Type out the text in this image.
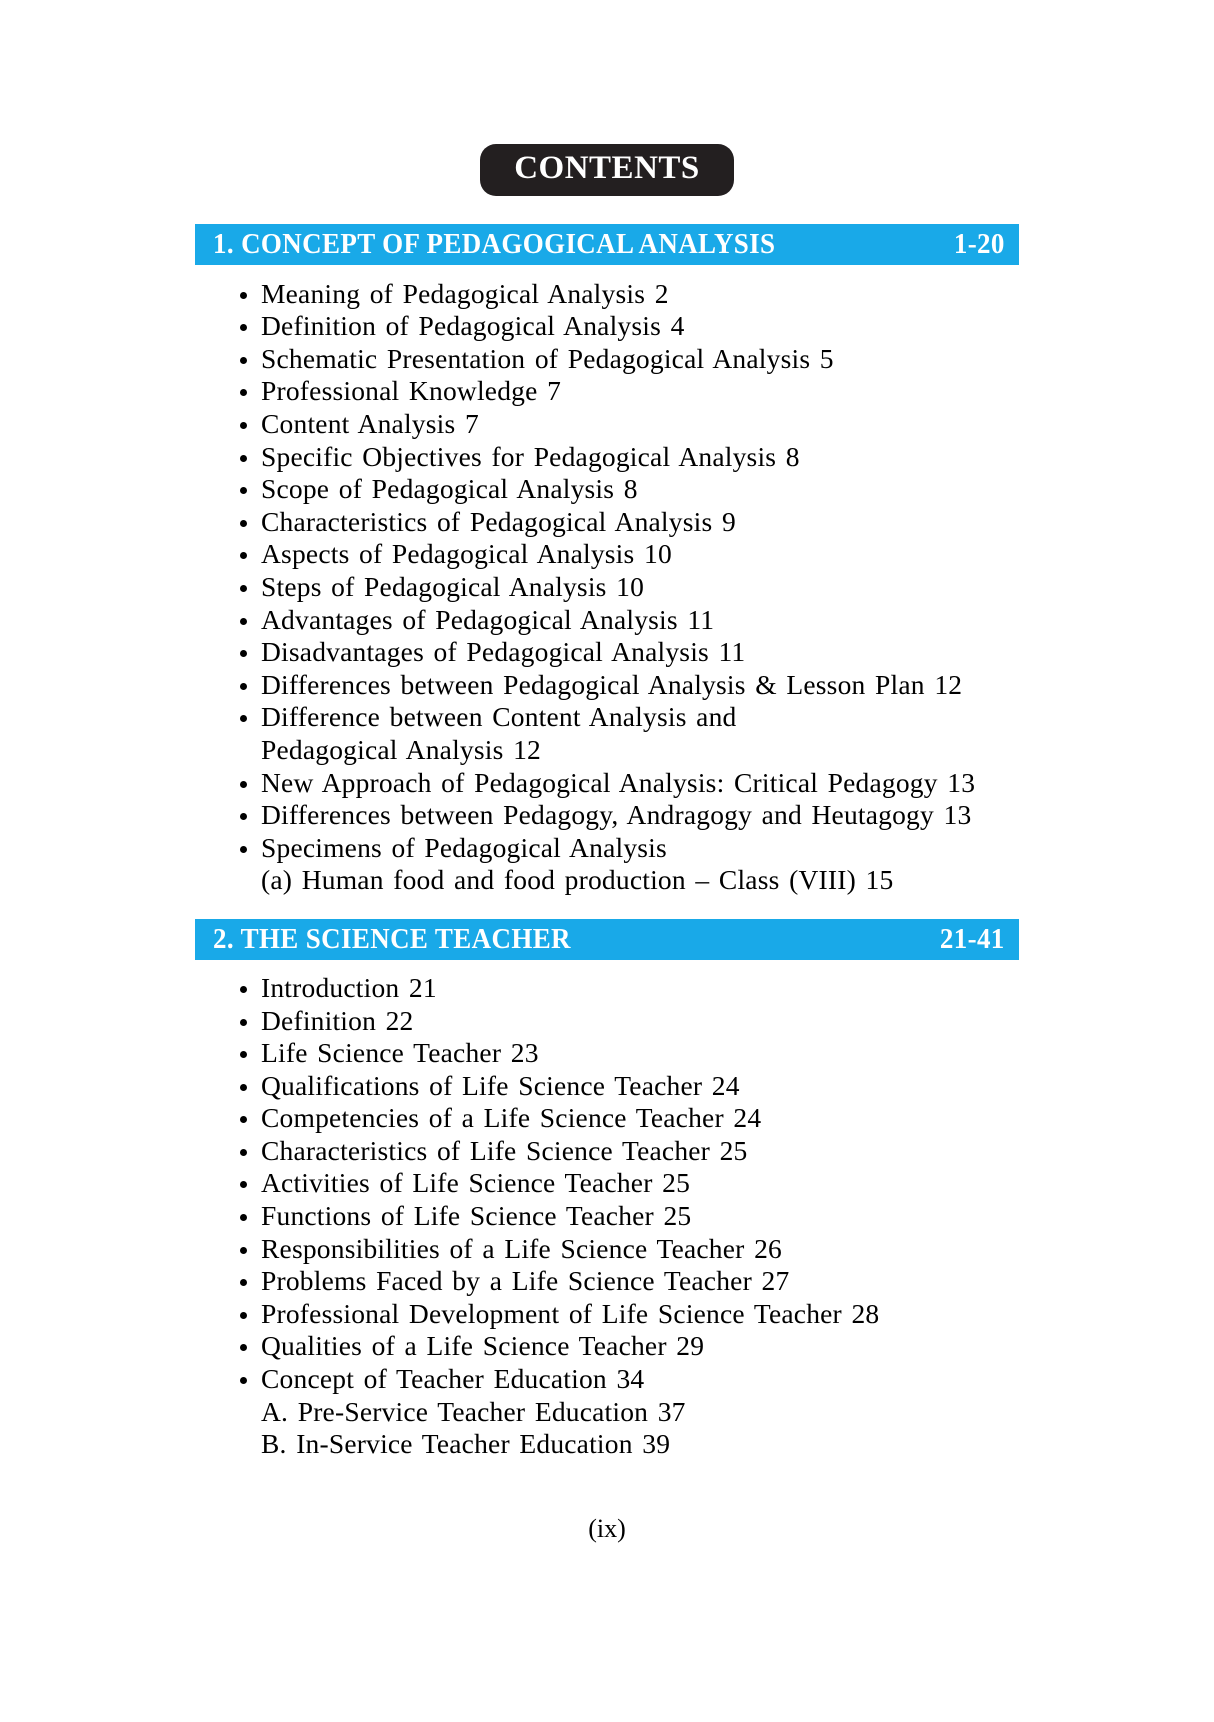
CONTENTS
1. CONCEPT OF PEDAGOGICAL ANALYSIS	1-20
Meaning of Pedagogical Analysis 2
Definition of Pedagogical Analysis 4
Schematic Presentation of Pedagogical Analysis 5
Professional Knowledge 7
Content Analysis 7
Specific Objectives for Pedagogical Analysis 8
Scope of Pedagogical Analysis 8
Characteristics of Pedagogical Analysis 9
Aspects of Pedagogical Analysis 10
Steps of Pedagogical Analysis 10
Advantages of Pedagogical Analysis 11
Disadvantages of Pedagogical Analysis 11
Differences between Pedagogical Analysis & Lesson Plan 12
Difference between Content Analysis and
Pedagogical Analysis 12
New Approach of Pedagogical Analysis: Critical Pedagogy 13
Differences between Pedagogy, Andragogy and Heutagogy 13
Specimens of Pedagogical Analysis
(a) Human food and food production – Class (VIII) 15
2. THE SCIENCE TEACHER	21-41
Introduction 21
Definition 22
Life Science Teacher 23
Qualifications of Life Science Teacher 24
Competencies of a Life Science Teacher 24
Characteristics of Life Science Teacher 25
Activities of Life Science Teacher 25
Functions of Life Science Teacher 25
Responsibilities of a Life Science Teacher 26
Problems Faced by a Life Science Teacher 27
Professional Development of Life Science Teacher 28
Qualities of a Life Science Teacher 29
Concept of Teacher Education 34
A. Pre-Service Teacher Education 37
B. In-Service Teacher Education 39
(ix)
